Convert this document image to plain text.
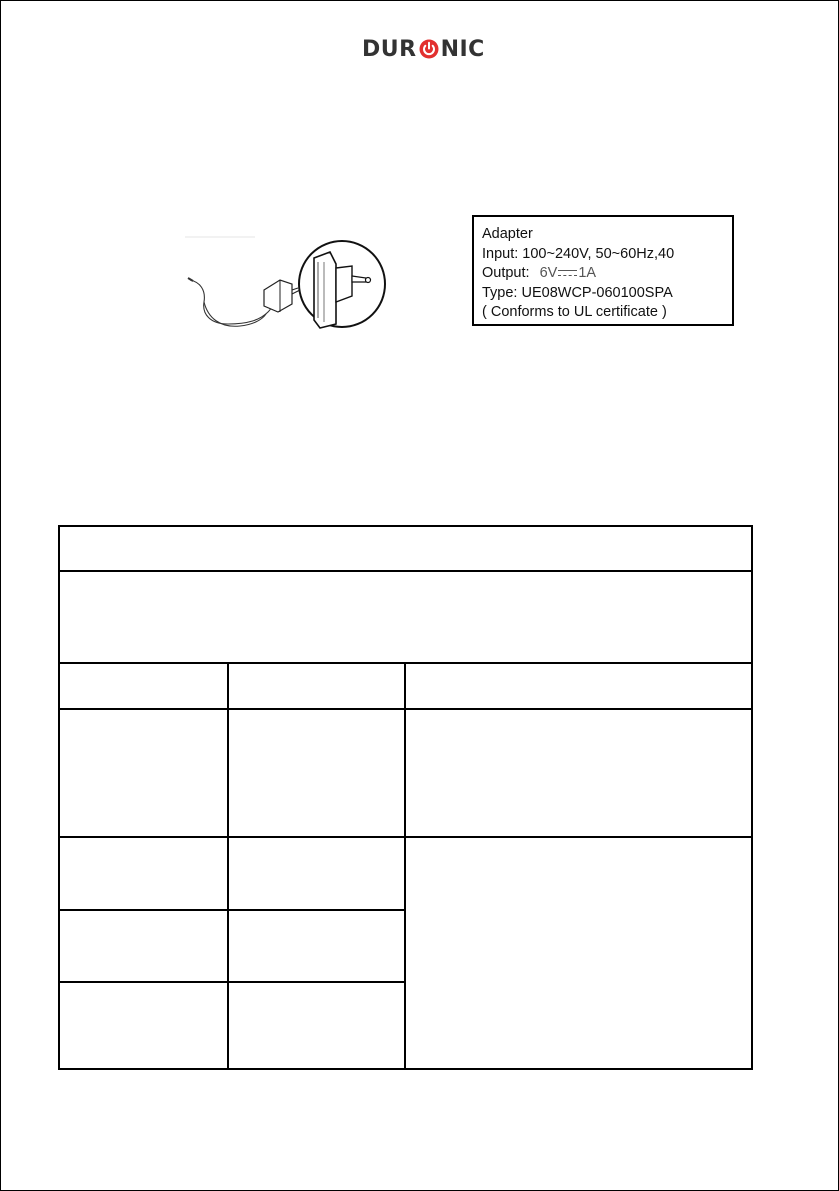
DUR NIC
Adapter
Input: 100~240V, 50~60Hz,40
Output: 6V 1A
Type: UE08WCP-060100SPA
( Conforms to UL certificate )
